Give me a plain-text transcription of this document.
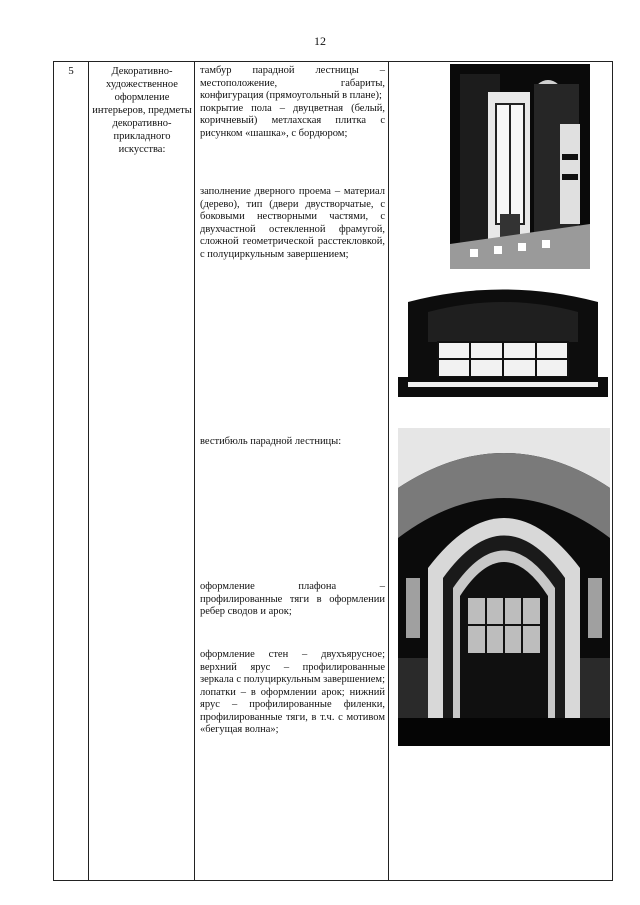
12
5	Декоративно-художественное оформление интерьеров, предметы декоративно-прикладного искусства:

тамбур парадной лестницы – местоположение, габариты, конфигурация (прямоугольный в плане);

покрытие пола – двуцветная (белый, коричневый) метлахская плитка с рисунком «шашка», с бордюром;

заполнение дверного проема – материал (дерево), тип (двери двустворчатые, с боковыми нестворными частями, с двухчастной остекленной фрамугой, сложной геометрической расстекловкой, с полуциркульным завершением;

вестибюль парадной лестницы:

оформление плафона – профилированные тяги в оформлении ребер сводов и арок;

оформление стен – двухъярусное; верхний ярус – профилированные зеркала с полуциркульным завершением; лопатки – в оформлении арок; нижний ярус – профилированные филенки, профилированные тяги, в т.ч. с мотивом «бегущая волна»;
